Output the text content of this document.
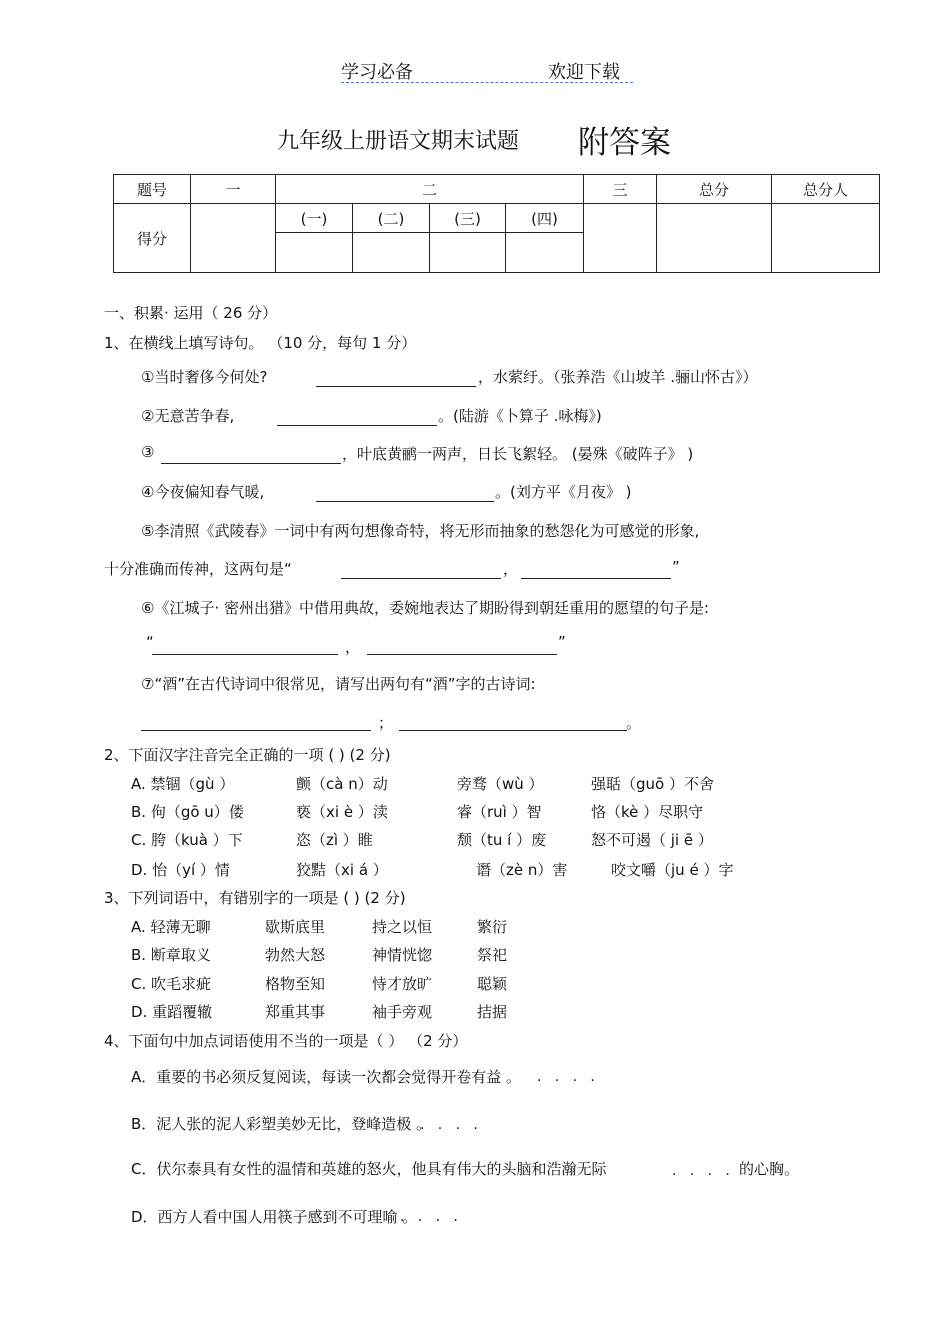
学习必备	欢迎下载
九年级上册语文期末试题 附答案
题号	一	二				三	总分	总分人
得分		(一)	(二)	(三)	(四)			

一、积累· 运用（ 26 分）
1、在横线上填写诗句。 （10 分，每句 1 分）
①当时奢侈今何处?	，水萦纡。（张养浩《山坡羊 .骊山怀古》）
②无意苦争春,	。(陆游《卜算子 .咏梅》)
③	，叶底黄鹂一两声，日长飞絮轻。 (晏殊《破阵子》 )
④今夜偏知春气暖,	。(刘方平《月夜》 )
⑤李清照《武陵春》一词中有两句想像奇特，将无形而抽象的愁怨化为可感觉的形象,
十分准确而传神，这两句是“	，	”
⑥《江城子· 密州出猎》中借用典故，委婉地表达了期盼得到朝廷重用的愿望的句子是:
“	，	”
⑦“酒”在古代诗词中很常见，请写出两句有“酒”字的古诗词:
；	。
2、下面汉字注音完全正确的一项 ( ) (2 分)
A. 禁锢（gù ）	颤（cà n）动	旁骛（wù ）	强聒（guō ）不舍
B. 佝（gō u）偻	亵（xi è ）渎	睿（ruì ）智	恪（kè ）尽职守
C. 胯（kuà ）下	恣（zì ）睢	颓（tu í ）废	怒不可遏（ ji ē ）
D. 怡（yí ）情	狡黠（xi á ）	谮（zè n）害	咬文嚼（ju é ）字
3、下列词语中，有错别字的一项是 ( ) (2 分)
A. 轻薄无聊	歇斯底里	持之以恒	繁衍
B. 断章取义	勃然大怒	神情恍惚	祭祀
C. 吹毛求疵	格物至知	恃才放旷	聪颖
D. 重蹈覆辙	郑重其事	袖手旁观	拮据
4、下面句中加点词语使用不当的一项是（ ） （2 分）
A．重要的书必须反复阅读，每读一次都会觉得开卷有益 。 ·   ·   ·   ·
B．泥人张的泥人彩塑美妙无比，登峰造极 。
·   ·   ·   ·
C．伏尔泰具有女性的温情和英雄的怒火，他具有伟大的头脑和浩瀚无际	的心胸。
·   ·   ·   ·
D．西方人看中国人用筷子感到不可理喻 。
·   ·   ·   ·
